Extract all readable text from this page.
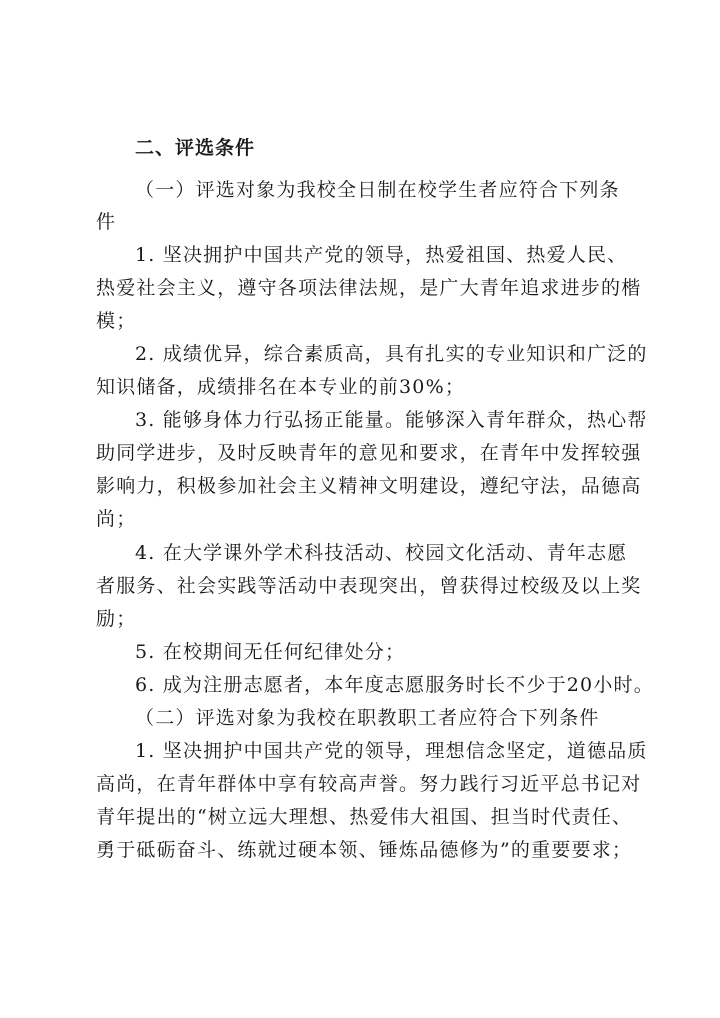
二、评选条件
（一）评选对象为我校全日制在校学生者应符合下列条
件
1. 坚决拥护中国共产党的领导，热爱祖国、热爱人民、
热爱社会主义，遵守各项法律法规，是广大青年追求进步的楷
模；
2. 成绩优异，综合素质高，具有扎实的专业知识和广泛的
知识储备，成绩排名在本专业的前30%；
3. 能够身体力行弘扬正能量。能够深入青年群众，热心帮
助同学进步，及时反映青年的意见和要求，在青年中发挥较强
影响力，积极参加社会主义精神文明建设，遵纪守法，品德高
尚；
4. 在大学课外学术科技活动、校园文化活动、青年志愿
者服务、社会实践等活动中表现突出，曾获得过校级及以上奖
励；
5. 在校期间无任何纪律处分；
6. 成为注册志愿者，本年度志愿服务时长不少于20小时。
（二）评选对象为我校在职教职工者应符合下列条件
1. 坚决拥护中国共产党的领导，理想信念坚定，道德品质
高尚，在青年群体中享有较高声誉。努力践行习近平总书记对
青年提出的“树立远大理想、热爱伟大祖国、担当时代责任、
勇于砥砺奋斗、练就过硬本领、锤炼品德修为”的重要要求；
